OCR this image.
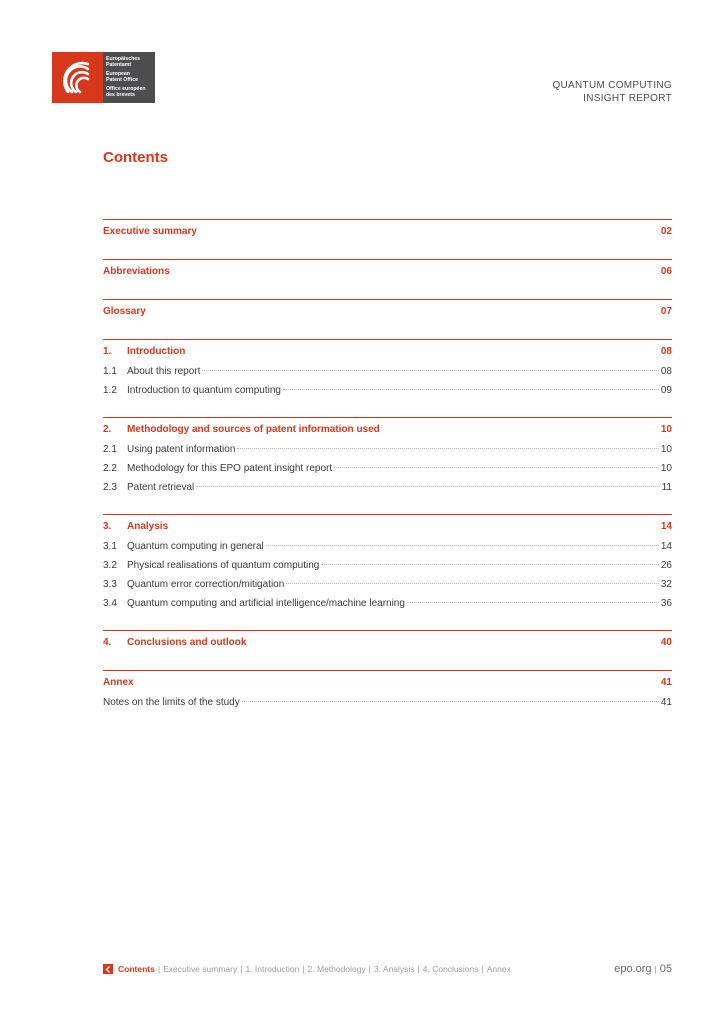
Europäisches
Patentamt
European
Patent Office
Office européen
des brevets
QUANTUM COMPUTING
INSIGHT REPORT
Contents
Executive summary	02
Abbreviations	06
Glossary	07
1.	Introduction	08
1.1	About this report	08
1.2	Introduction to quantum computing	09
2.	Methodology and sources of patent information used	10
2.1	Using patent information	10
2.2	Methodology for this EPO patent insight report	10
2.3	Patent retrieval	11
3.	Analysis	14
3.1	Quantum computing in general	14
3.2	Physical realisations of quantum computing	26
3.3	Quantum error correction/mitigation	32
3.4	Quantum computing and artificial intelligence/machine learning	36
4.	Conclusions and outlook	40
Annex	41
Notes on the limits of the study	41
Contents | Executive summary | 1. Introduction | 2. Methodology | 3. Analysis | 4. Conclusions | Annex	epo.org | 05
